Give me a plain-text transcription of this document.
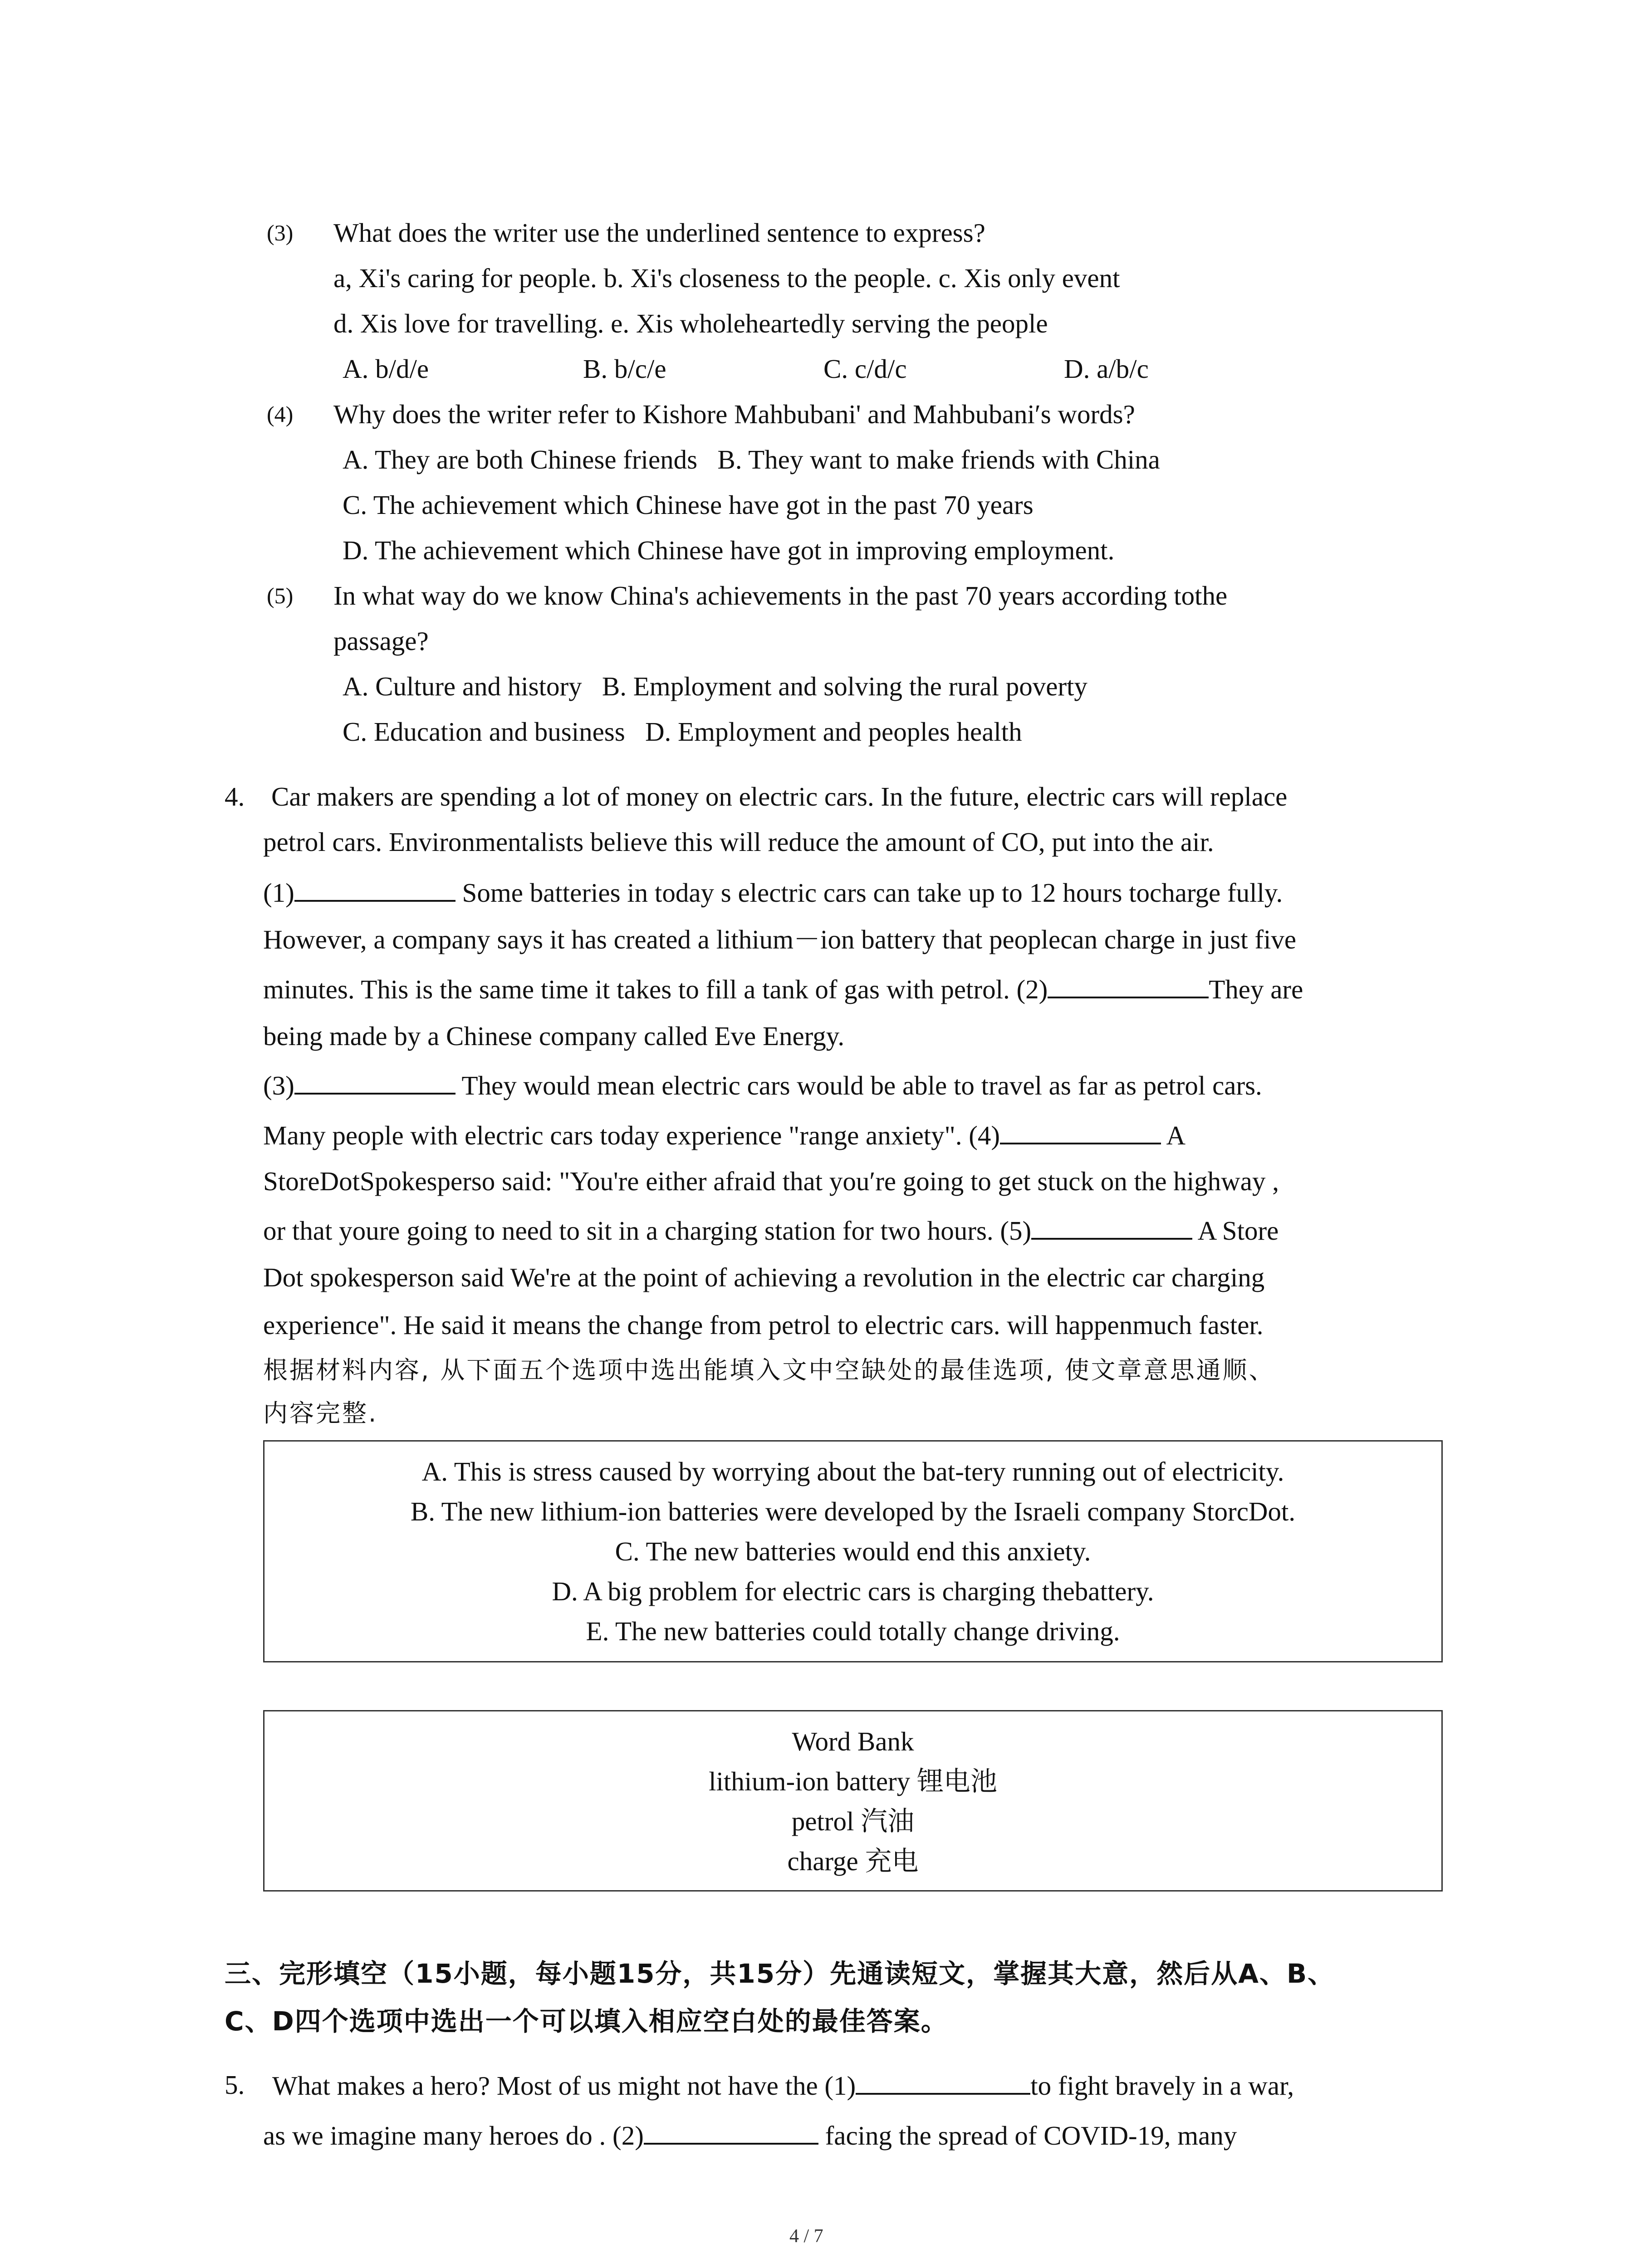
(3) What does the writer use the underlined sentence to express?
a, Xi's caring for people. b. Xi's closeness to the people. c. Xis only event
d. Xis love for travelling. e. Xis wholeheartedly serving the people
A. b/d/e	B. b/c/e	C. c/d/c	D. a/b/c
(4) Why does the writer refer to Kishore Mahbubani' and Mahbubani′s words?
A. They are both Chinese friends   B. They want to make friends with China
C. The achievement which Chinese have got in the past 70 years
D. The achievement which Chinese have got in improving employment.
(5) In what way do we know China's achievements in the past 70 years according tothe
passage?
A. Culture and history   B. Employment and solving the rural poverty
C. Education and business   D. Employment and peoples health
4. Car makers are spending a lot of money on electric cars. In the future, electric cars will replace
petrol cars. Environmentalists believe this will reduce the amount of CO, put into the air.
(1)	Some batteries in today s electric cars can take up to 12 hours tocharge fully.
However, a company says it has created a lithium－ion battery that peoplecan charge in just five
minutes. This is the same time it takes to fill a tank of gas with petrol. (2)	They are
being made by a Chinese company called Eve Energy.
(3)	They would mean electric cars would be able to travel as far as petrol cars.
Many people with electric cars today experience "range anxiety". (4)	A
StoreDotSpokesperso said: "You're either afraid that you′re going to get stuck on the highway ,
or that youre going to need to sit in a charging station for two hours. (5)	A Store
Dot spokesperson said We're at the point of achieving a revolution in the electric car charging
experience". He said it means the change from petrol to electric cars. will happenmuch faster.
根据材料内容, 从下面五个选项中选出能填入文中空缺处的最佳选项, 使文章意思通顺、
内容完整.
A. This is stress caused by worrying about the bat-tery running out of electricity.
B. The new lithium-ion batteries were developed by the Israeli company StorcDot.
C. The new batteries would end this anxiety.
D. A big problem for electric cars is charging thebattery.
E. The new batteries could totally change driving.
Word Bank
lithium-ion battery 锂电池
petrol 汽油
charge 充电
三、完形填空（15小题，每小题15分，共15分）先通读短文，掌握其大意，然后从A、B、
C、D四个选项中选出一个可以填入相应空白处的最佳答案。
5. What makes a hero? Most of us might not have the (1)	to fight bravely in a war,
as we imagine many heroes do . (2)	facing the spread of COVID-19, many
4 / 7
